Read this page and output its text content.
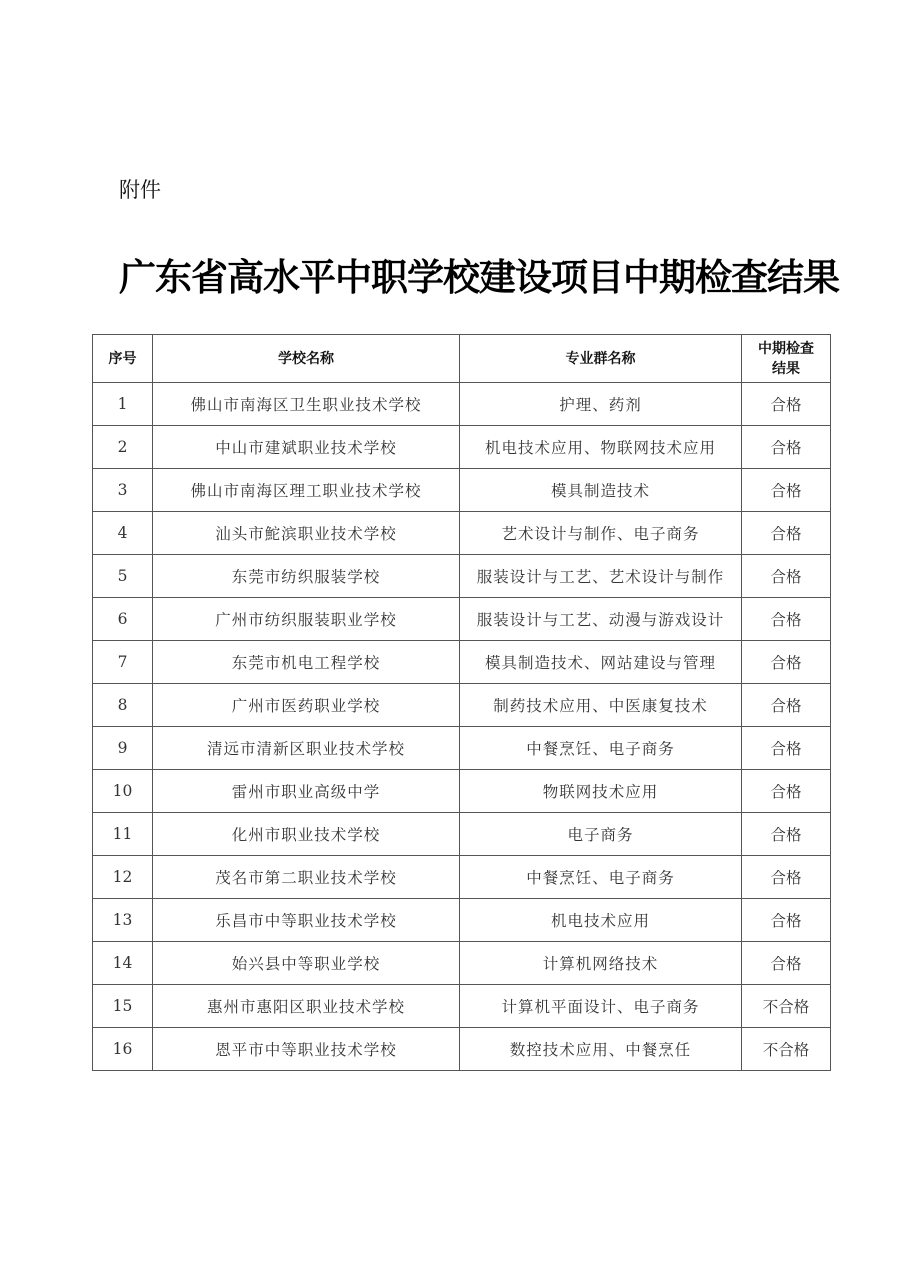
附件
广东省高水平中职学校建设项目中期检查结果
序号	学校名称	专业群名称	中期检查
结果

1	佛山市南海区卫生职业技术学校	护理、药剂	合格
2	中山市建斌职业技术学校	机电技术应用、物联网技术应用	合格
3	佛山市南海区理工职业技术学校	模具制造技术	合格
4	汕头市鮀滨职业技术学校	艺术设计与制作、电子商务	合格
5	东莞市纺织服装学校	服装设计与工艺、艺术设计与制作	合格
6	广州市纺织服装职业学校	服装设计与工艺、动漫与游戏设计	合格
7	东莞市机电工程学校	模具制造技术、网站建设与管理	合格
8	广州市医药职业学校	制药技术应用、中医康复技术	合格
9	清远市清新区职业技术学校	中餐烹饪、电子商务	合格
10	雷州市职业高级中学	物联网技术应用	合格
11	化州市职业技术学校	电子商务	合格
12	茂名市第二职业技术学校	中餐烹饪、电子商务	合格
13	乐昌市中等职业技术学校	机电技术应用	合格
14	始兴县中等职业学校	计算机网络技术	合格
15	惠州市惠阳区职业技术学校	计算机平面设计、电子商务	不合格
16	恩平市中等职业技术学校	数控技术应用、中餐烹任	不合格
